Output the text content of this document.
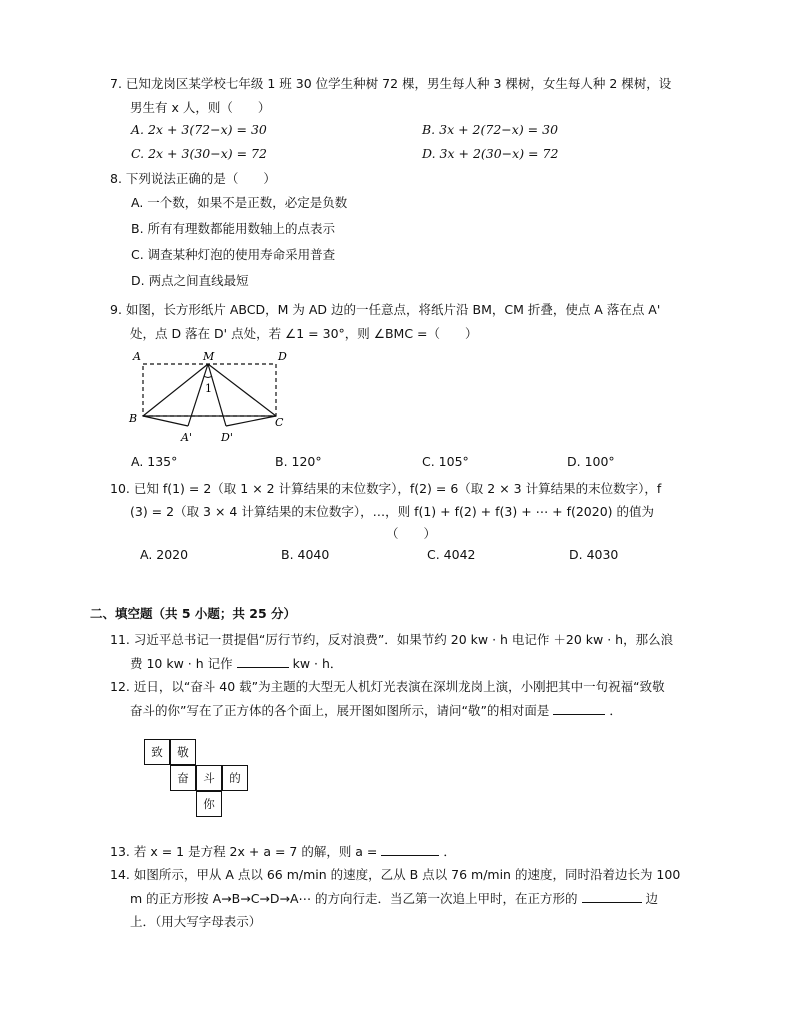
7. 已知龙岗区某学校七年级 1 班 30 位学生种树 72 棵，男生每人种 3 棵树，女生每人种 2 棵树，设
男生有 x 人，则（　　）
A. 2x + 3(72−x) = 30	B. 3x + 2(72−x) = 30
C. 2x + 3(30−x) = 72	D. 3x + 2(30−x) = 72
8. 下列说法正确的是（　　）
A. 一个数，如果不是正数，必定是负数
B. 所有有理数都能用数轴上的点表示
C. 调查某种灯泡的使用寿命采用普查
D. 两点之间直线最短
9. 如图，长方形纸片 ABCD，M 为 AD 边的一任意点，将纸片沿 BM，CM 折叠，使点 A 落在点 A'
处，点 D 落在 D' 点处，若 ∠1 = 30°，则 ∠BMC =（　　）
A	M	D
1
B	C
A'	D'
A. 135°	B. 120°	C. 105°	D. 100°
10. 已知 f(1) = 2（取 1 × 2 计算结果的末位数字），f(2) = 6（取 2 × 3 计算结果的末位数字），f
(3) = 2（取 3 × 4 计算结果的末位数字），…，则 f(1) + f(2) + f(3) + ⋯ + f(2020) 的值为
（　　）
A. 2020	B. 4040	C. 4042	D. 4030
二、填空题（共 5 小题；共 25 分）
11. 习近平总书记一贯提倡“厉行节约，反对浪费”．如果节约 20 kw · h 电记作 ＋20 kw · h，那么浪
费 10 kw · h 记作	kw · h．
12. 近日，以“奋斗 40 载”为主题的大型无人机灯光表演在深圳龙岗上演，小刚把其中一句祝福“致敬
奋斗的你”写在了正方体的各个面上，展开图如图所示，请问“敬”的相对面是	．
致	敬
奋	斗	的
你
13. 若 x = 1 是方程 2x + a = 7 的解，则 a =	．
14. 如图所示，甲从 A 点以 66 m/min 的速度，乙从 B 点以 76 m/min 的速度，同时沿着边长为 100
m 的正方形按 A→B→C→D→A⋯ 的方向行走．当乙第一次追上甲时，在正方形的	边
上．（用大写字母表示）
